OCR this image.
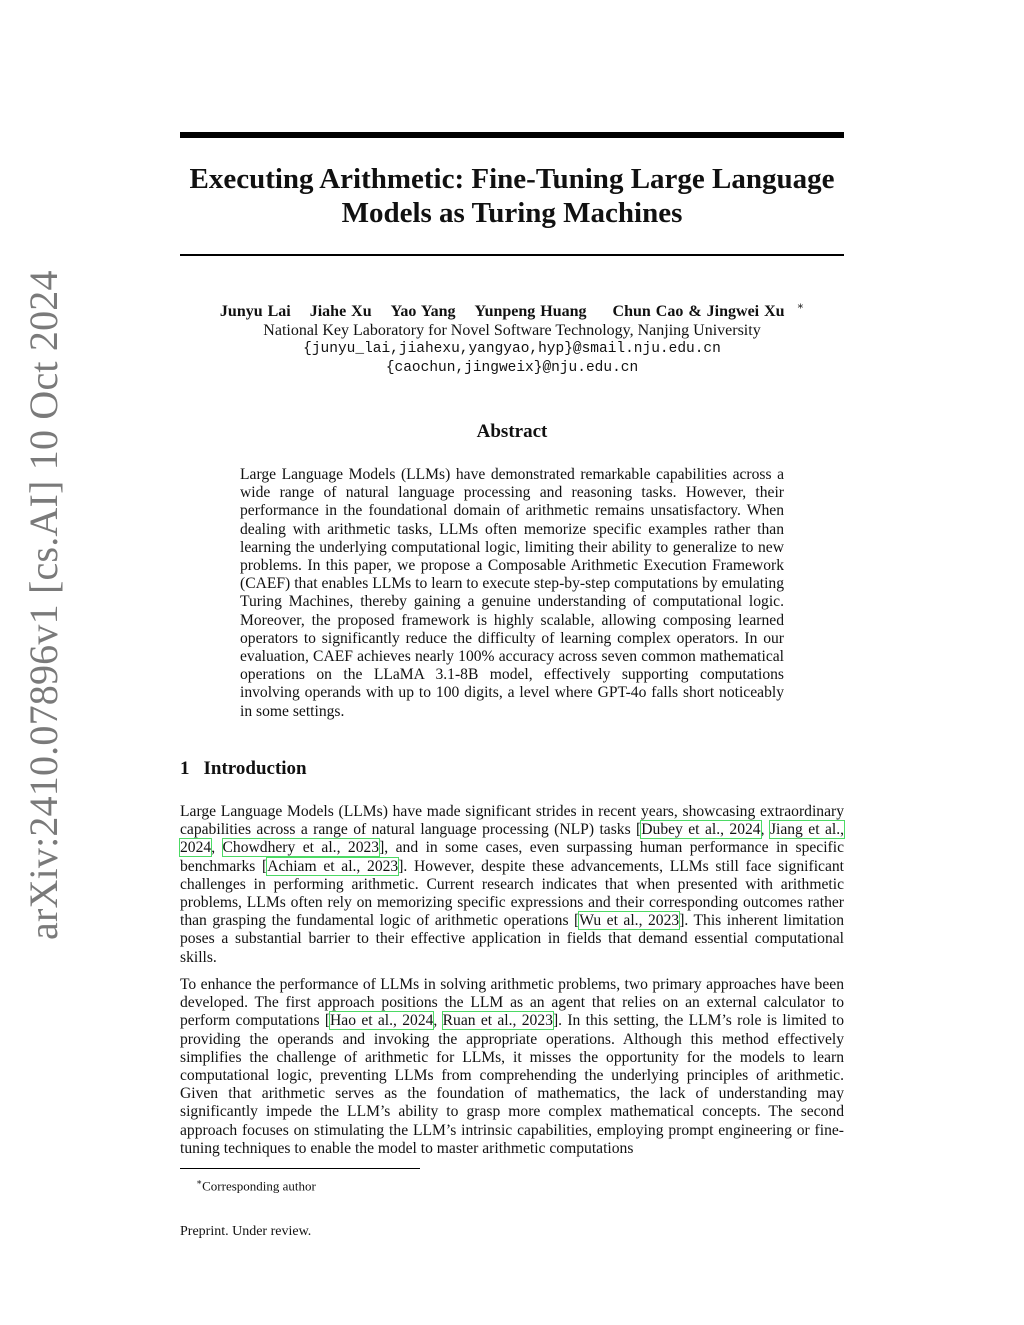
arXiv:2410.07896v1 [cs.AI] 10 Oct 2024
Executing Arithmetic: Fine-Tuning Large Language
Models as Turing Machines
Junyu Lai Jiahe Xu Yao Yang Yunpeng Huang Chun Cao & Jingwei Xu ∗
National Key Laboratory for Novel Software Technology, Nanjing University
{junyu_lai,jiahexu,yangyao,hyp}@smail.nju.edu.cn
{caochun,jingweix}@nju.edu.cn
Abstract

Large Language Models (LLMs) have demonstrated remarkable capabilities across a wide range of natural language processing and reasoning tasks. However, their performance in the foundational domain of arithmetic remains unsatisfactory. When dealing with arithmetic tasks, LLMs often memorize specific examples rather than learning the underlying computational logic, limiting their ability to generalize to new problems. In this paper, we propose a Composable Arithmetic Execution Framework (CAEF) that enables LLMs to learn to execute step-by-step computations by emulating Turing Machines, thereby gaining a genuine understanding of computational logic. Moreover, the proposed framework is highly scalable, allowing composing learned operators to significantly reduce the difficulty of learning complex operators. In our evaluation, CAEF achieves nearly 100% accuracy across seven common mathematical operations on the LLaMA 3.1-8B model, effectively supporting computations involving operands with up to 100 digits, a level where GPT-4o falls short noticeably in some settings.

1 Introduction

Large Language Models (LLMs) have made significant strides in recent years, showcasing extraordinary capabilities across a range of natural language processing (NLP) tasks [Dubey et al., 2024, Jiang et al., 2024, Chowdhery et al., 2023], and in some cases, even surpassing human performance in specific benchmarks [Achiam et al., 2023]. However, despite these advancements, LLMs still face significant challenges in performing arithmetic. Current research indicates that when presented with arithmetic problems, LLMs often rely on memorizing specific expressions and their corresponding outcomes rather than grasping the fundamental logic of arithmetic operations [Wu et al., 2023]. This inherent limitation poses a substantial barrier to their effective application in fields that demand essential computational skills.

To enhance the performance of LLMs in solving arithmetic problems, two primary approaches have been developed. The first approach positions the LLM as an agent that relies on an external calculator to perform computations [Hao et al., 2024, Ruan et al., 2023]. In this setting, the LLM’s role is limited to providing the operands and invoking the appropriate operations. Although this method effectively simplifies the challenge of arithmetic for LLMs, it misses the opportunity for the models to learn computational logic, preventing LLMs from comprehending the underlying principles of arithmetic. Given that arithmetic serves as the foundation of mathematics, the lack of understanding may significantly impede the LLM’s ability to grasp more complex mathematical concepts. The second approach focuses on stimulating the LLM’s intrinsic capabilities, employing prompt engineering or fine-tuning techniques to enable the model to master arithmetic computations

∗Corresponding author

Preprint. Under review.
